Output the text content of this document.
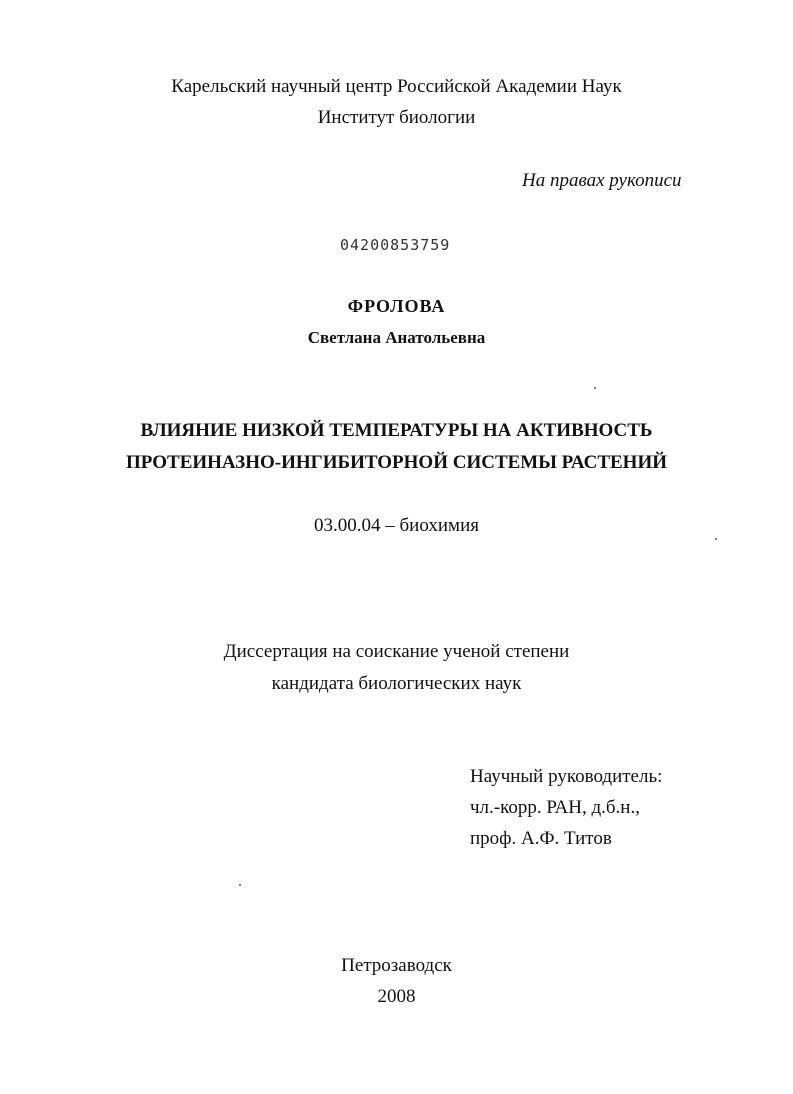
Карельский научный центр Российской Академии Наук
Институт биологии
На правах рукописи
04200853759
ФРОЛОВА
Светлана Анатольевна
ВЛИЯНИЕ НИЗКОЙ ТЕМПЕРАТУРЫ НА АКТИВНОСТЬ
ПРОТЕИНАЗНО-ИНГИБИТОРНОЙ СИСТЕМЫ РАСТЕНИЙ
03.00.04 – биохимия
Диссертация на соискание ученой степени
кандидата биологических наук
Научный руководитель:
чл.-корр. РАН, д.б.н.,
проф. А.Ф. Титов
Петрозаводск
2008
